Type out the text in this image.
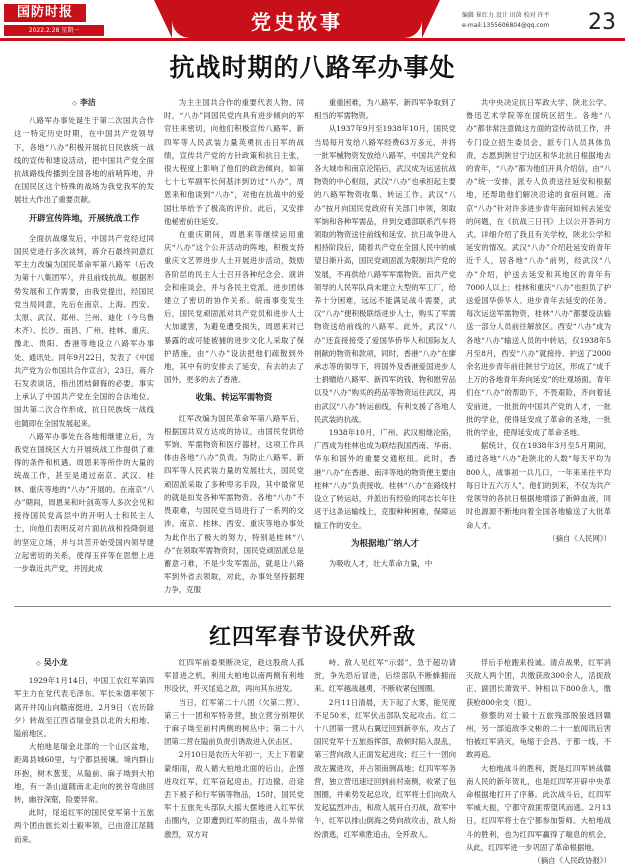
国防时报
2022.2.28 星期一	党史故事	编辑 崔红力 设计 田茵 校对 许平
e-mail:1355606804@qq.com 23
抗战时期的八路军办事处

◇ 李洁

八路军办事处诞生于第二次国共合作这一特定历史时期，在中国共产党领导下，各地“八办”积极开展抗日民族统一战线的宣传和建设活动，把中国共产党全面抗战路线传播到全国各地的前哨阵地，并在国民区这个特殊的战场为我党我军的发展壮大作出了重要贡献。

开辟宣传阵地，开展统战工作

全面抗战爆发后，中国共产党经过同国民党进行多次谈判，蒋介石最终同意红军主力改编为国民革命军第八路军（后改为第十八集团军），并且前线抗战。根据形势发展和工作需要，由我党提出，经国民党当局同意，先后在南京、上海、西安、太原、武汉、郑州、兰州、迪化（今乌鲁木齐）、长沙、南昌、广州、桂林、重庆、豫北、贵阳、香港等地设立八路军办事处、通讯处。同年9月22日，发表了《中国共产党为公布国共合作宣言》，23日，蒋介石发表谈话，指出团结御侮的必要，事实上承认了中国共产党在全国的合法地位。国共第二次合作形成，抗日民族统一战线也随即在全国发展起来。

八路军办事处在各地相继建立后，为我党在国统区大力开展统战工作提供了难得的条件和机遇。周恩来等所作的大量的统战工作，甚至是通过南京、武汉、桂林、重庆等地的“八办”开展的。在南京“八办”期间，周恩来和叶剑英等人多次会见和接待国民党高层中的开明人士和民主人士，向他们表明反对片面抗战和投降倒退的坚定立场，并与共苦开始受国内领导建立起密切的关系，使得玉祥等在思想上进一步靠近共产党，并因此成

为主主国共合作的重要代表人物。同时，“八办”同国民党内具有进步倾向的军官往来密切，向他们积极宣传八路军、新四军等人民武装力量英勇抗击日军的战绩，宣传共产党的方针政策和抗日主张，很大程度上影响了他们的政治倾向，如第七十七军副军长何基沣到访过“八办”，周恩来和他谈到“八办”，对他在抗战中的爱国壮举给予了极高的评价。此后，又安排他秘密前往延安。

在重庆期间，周恩来等继续运用重庆“八办”这个公开活动的阵地，积极支持重庆文艺界进步人士开展进步活动，鼓励各阶层的民主人士召开各种纪念会、演讲会和座谈会，并与各民主党派、进步团体建立了密切的协作关系。皖南事变发生后，国民党顽固派对共产党员和进步人士大加逮害，为避免遭受损失，周恩来对已暴露的或可能被捕的进步文化人采取了保护措施，由“八办”设法把他们疏散到外地，其中有的安排去了延安，有去的去了国外，更多的去了香港。

收集、转运军需物资

红军改编为国民革命军第八路军后，根据国共双方达成的协议，由国民党供给军饷、军需物资和医疗器材，这项工作具体由各地“八办”负责。为防止八路军、新四军等人民武装力量的发展壮大，国民党顽固派采取了多种卑劣手段，其中最常见的就是扣发各种军需物资。各地“八办”不畏艰难，与国民党当局进行了一系列的交涉。南京、桂林、西安、重庆等地办事处为此作出了极大的努力，特别是桂林“八办”在领取军需物资时，国民党顽固派总是蓄意刁难，不是少发军需品，就是让八路军到外省去领取，对此，办事处坚持据理力争，克服

重重困难，为八路军、新四军争取到了相当的军需物资。

从1937年9月至1938年10月，国民党当局每月发给八路军经费63万多元，并将一批军械物资发放给八路军，中国共产党和各大城市和南京沦陷后，武汉成为运送抗战物资的中心枢纽，武汉“八办”也承担起主要的八路军物资收集、转运工作。武汉“八办”按月向国民党政府有关部门申领，领取军饷和各种军需品，并到交通部联系汽车将领取的物资送往前线和延安。抗日战争进入相持阶段后，随着共产党在全国人民中的威望日渐升高，国民党顽固派为限制共产党的发展，不再供给八路军军需物资。而共产党领导的人民军队尚未建立大型的军工厂，给养十分困难，远远不能满足战斗需要，武汉“八办”便积极联络进步人士，购买了军需物资送给前线的八路军。此外，武汉“八办”还直接接受了爱国华侨华人和国际友人捐献的物资和款项，同时，香港“八办”在廖承志等的领导下，将国外及香港爱国进步人士捐赠给八路军、新四军的钱、物和慰劳品以及“八办”购买的药品等物资运往武汉，再由武汉“八办”转运前线，有利支援了各地人民武装的抗战。

1938年10月，广州、武汉相继沦陷，广西成为桂林也成为联结我国西南、华南、华东和国外的重要交通枢纽。此时，香港“八办”在香港、南洋等地的物资便主要由桂林“八办”负责接收。桂林“八办”在路线村设立了转运站，并派出有经验的同志长年往返于这条运输线上，克服种种困难，保障运输工作的安全。

为根据地广纳人才

为吸收人才，壮大革命力量，中

共中央决定抗日军政大学、陕北公学、鲁迅艺术学院等在国统区招生。各地“八办”都非常注意做这方面的宣传动员工作，并专门设立招生委员会，派专门人员具体负责，志愿到陕甘宁边区和华北抗日根据地去的青年，“八办”都为他们开具介绍信，由“八办”统一安排，派专人负责送往延安和根据地，还帮助他们解决沿途的食宿问题。南京“八办”针对许多进步青年南问如何去延安的问题，在《抗战三日刊》上以公开答问方式，详细介绍了我且有关学校，陕北公学和延安的情况。武汉“八办”介绍赴延安的青年近千人，居各地“八办”前列，经武汉“八办”介绍，护送去延安和其地区的青年有7000人以上；桂林和重庆“八办”也担负了护送爱国华侨华人、进步青年去延安的任务。每次运送军需物资，桂林“八办”都要设法输送一部分人员前往解放区。西安“八办”成为各地“八办”输送人员的中转站，仅1938年5月至8月，西安“八办”就接待、护送了2000余名进步青年前往陕甘宁边区，形成了“成千上万的各地青年奔向延安”的壮观场面。青年们在“八办”的帮助下，不畏艰险，齐向着延安前进，一批批的中国共产党的人才，一批批的学业，使得延安成了革命的圣地，一批批的学业，使得延安成了革命圣地。

据统计，仅在1938年3月至5月期间，通过各地“八办”赴陕北的人数“每天平均为800人，战事初一兵几口，一年来来往平均每日计五六万人”。他们的到来，不仅为共产党领导的各抗日根据地增添了新鲜血液，同时也源源不断地向着全国各地输送了大批革命人才。

（摘自《人民网》）

红四军春节设伏歼敌

◇ 吴小龙

1929年1月14日，中国工农红军第四军主力在党代表毛泽东、军长朱德率领下离开井冈山向赣南挺进，2月9日（农历除夕）转战至江西省瑞金县以北的大柏地、隘前地区。

大柏地是瑞金北部的一个山区盆地，距离县城60里，与宁都县接壤。境内群山环抱，树木葱茏，从隘前、麻子坳到大柏地，有一条山道随南北走向的狭谷弯曲回转，幽谷深壑，险要异常。

此时，尾追红军的国民党军第十五旅两个团由旅长刘士毅率领，已由澄江尾随而来。

红四军前委果断决定，趁这股敌人孤军冒进之机，利用大柏地以南两侧有利地形设伏，歼灭尾追之敌，再向其东进发。

当日，红军第二十八团（欠第二营）、第三十一团和军特务营，独立营分别埋伏于麻子坳至前村两侧的树丛中；第二十八团第二营在隘前负责引诱敌进入伏击区。

2月10日是农历大年初一，天上下着蒙蒙细雨，敌人循大柏地北面的后山，企图进攻红军，红军奋起迎击，打边撤，沿途丢下被子和行军锅等物品，15时，国民党军十五旅先头部队大摇大摆地进入红军伏击圈内，立即遭到红军的阻击，战斗异常激烈，双方对

峙。敌人见红军“示弱”，急于超功请赏，争先恐后冒进，后续部队不断蜂拥而来。红军越战越勇，不断收紧包围圈。

2月11日清晨，天下起了大雾，能见度不足50米，红军伏击部队发起攻击。红二十八团第一营从右翼迂回到新亭东，攻占了国民党军十五旅指挥部，敌顿时陷入混乱，第三营向敌人正面发起进攻；红三十一团向敌左翼进攻，并占领南侧高地；红四军军务营，独立营迅速迂回到前村南侧，收紧了包围圈，并乘势发起总攻，红军将士们向敌人发起猛烈冲击，和敌人展开白刃战，敌军中午，红军以排山倒海之势向敌攻击，敌人纷纷溃逃，红军乘胜追击，全歼敌人。

俘后手枪跑来投诚。清点战果，红军消灭敌人两个团，共缴获敌300余人，活捉敌正、副团长萧致平、钟桓以下800余人，缴获枪800余支（挺）。

修整的对士毅十五旅残部脱狼逃回赣州，另一部追敌李文彬的二十一旅闻讯后害怕被红军消灭，龟缩于会昌、于都一线，不敢再追。

大柏地战斗的胜利，既是红四军转战赣南人民的新年贺礼，也是红四军开辟中央革命根据地打开了序幕。此次战斗后，红四军军威大振，宁都守敌匪帮望风而逃。2月13日，红四军将士在宁都参加誓师。大柏地战斗的胜利，也为红四军赢得了喘息的机会，从此，红四军进一步巩固了革命根据地。

（摘自《人民政协报》）
